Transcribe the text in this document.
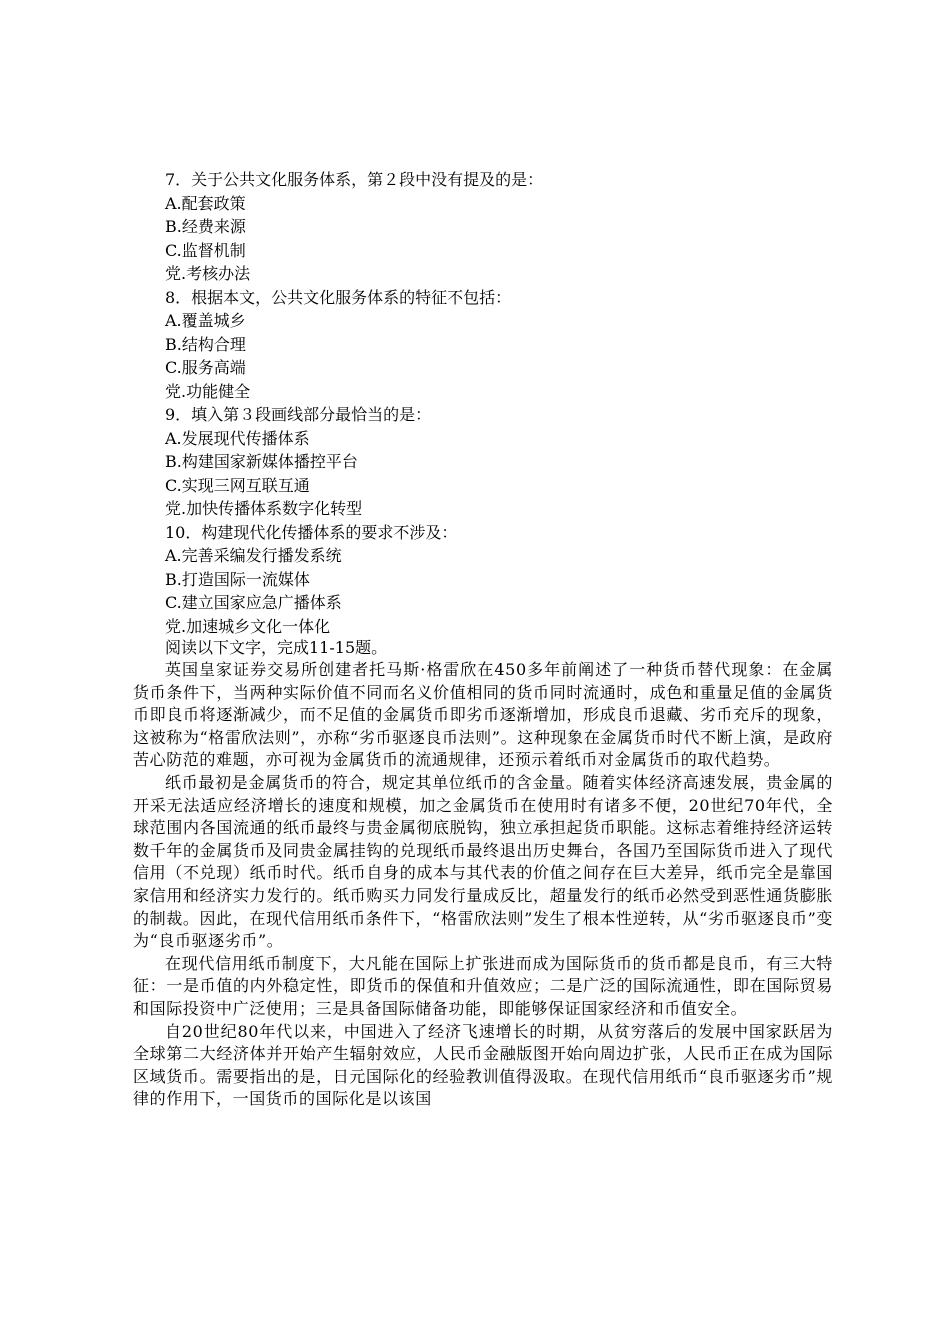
7．关于公共文化服务体系，第２段中没有提及的是：
A.配套政策
B.经费来源
C.监督机制
党.考核办法
8．根据本文，公共文化服务体系的特征不包括：
A.覆盖城乡
B.结构合理
C.服务高端
党.功能健全
9．填入第３段画线部分最恰当的是：
A.发展现代传播体系
B.构建国家新媒体播控平台
C.实现三网互联互通
党.加快传播体系数字化转型
10．构建现代化传播体系的要求不涉及：
A.完善采编发行播发系统
B.打造国际一流媒体
C.建立国家应急广播体系
党.加速城乡文化一体化
阅读以下文字，完成11-15题。

英国皇家证券交易所创建者托马斯·格雷欣在450多年前阐述了一种货币替代现象：在金属货币条件下，当两种实际价值不同而名义价值相同的货币同时流通时，成色和重量足值的金属货币即良币将逐渐减少，而不足值的金属货币即劣币逐渐增加，形成良币退藏、劣币充斥的现象，这被称为“格雷欣法则”，亦称“劣币驱逐良币法则”。这种现象在金属货币时代不断上演，是政府苦心防范的难题，亦可视为金属货币的流通规律，还预示着纸币对金属货币的取代趋势。

纸币最初是金属货币的符合，规定其单位纸币的含金量。随着实体经济高速发展，贵金属的开采无法适应经济增长的速度和规模，加之金属货币在使用时有诸多不便，20世纪70年代，全球范围内各国流通的纸币最终与贵金属彻底脱钩，独立承担起货币职能。这标志着维持经济运转数千年的金属货币及同贵金属挂钩的兑现纸币最终退出历史舞台，各国乃至国际货币进入了现代信用（不兑现）纸币时代。纸币自身的成本与其代表的价值之间存在巨大差异，纸币完全是靠国家信用和经济实力发行的。纸币购买力同发行量成反比，超量发行的纸币必然受到恶性通货膨胀的制裁。因此，在现代信用纸币条件下，“格雷欣法则”发生了根本性逆转，从“劣币驱逐良币”变为“良币驱逐劣币”。

在现代信用纸币制度下，大凡能在国际上扩张进而成为国际货币的货币都是良币，有三大特征：一是币值的内外稳定性，即货币的保值和升值效应；二是广泛的国际流通性，即在国际贸易和国际投资中广泛使用；三是具备国际储备功能，即能够保证国家经济和币值安全。

自20世纪80年代以来，中国进入了经济飞速增长的时期，从贫穷落后的发展中国家跃居为全球第二大经济体并开始产生辐射效应，人民币金融版图开始向周边扩张，人民币正在成为国际区域货币。需要指出的是，日元国际化的经验教训值得汲取。在现代信用纸币“良币驱逐劣币”规律的作用下，一国货币的国际化是以该国
